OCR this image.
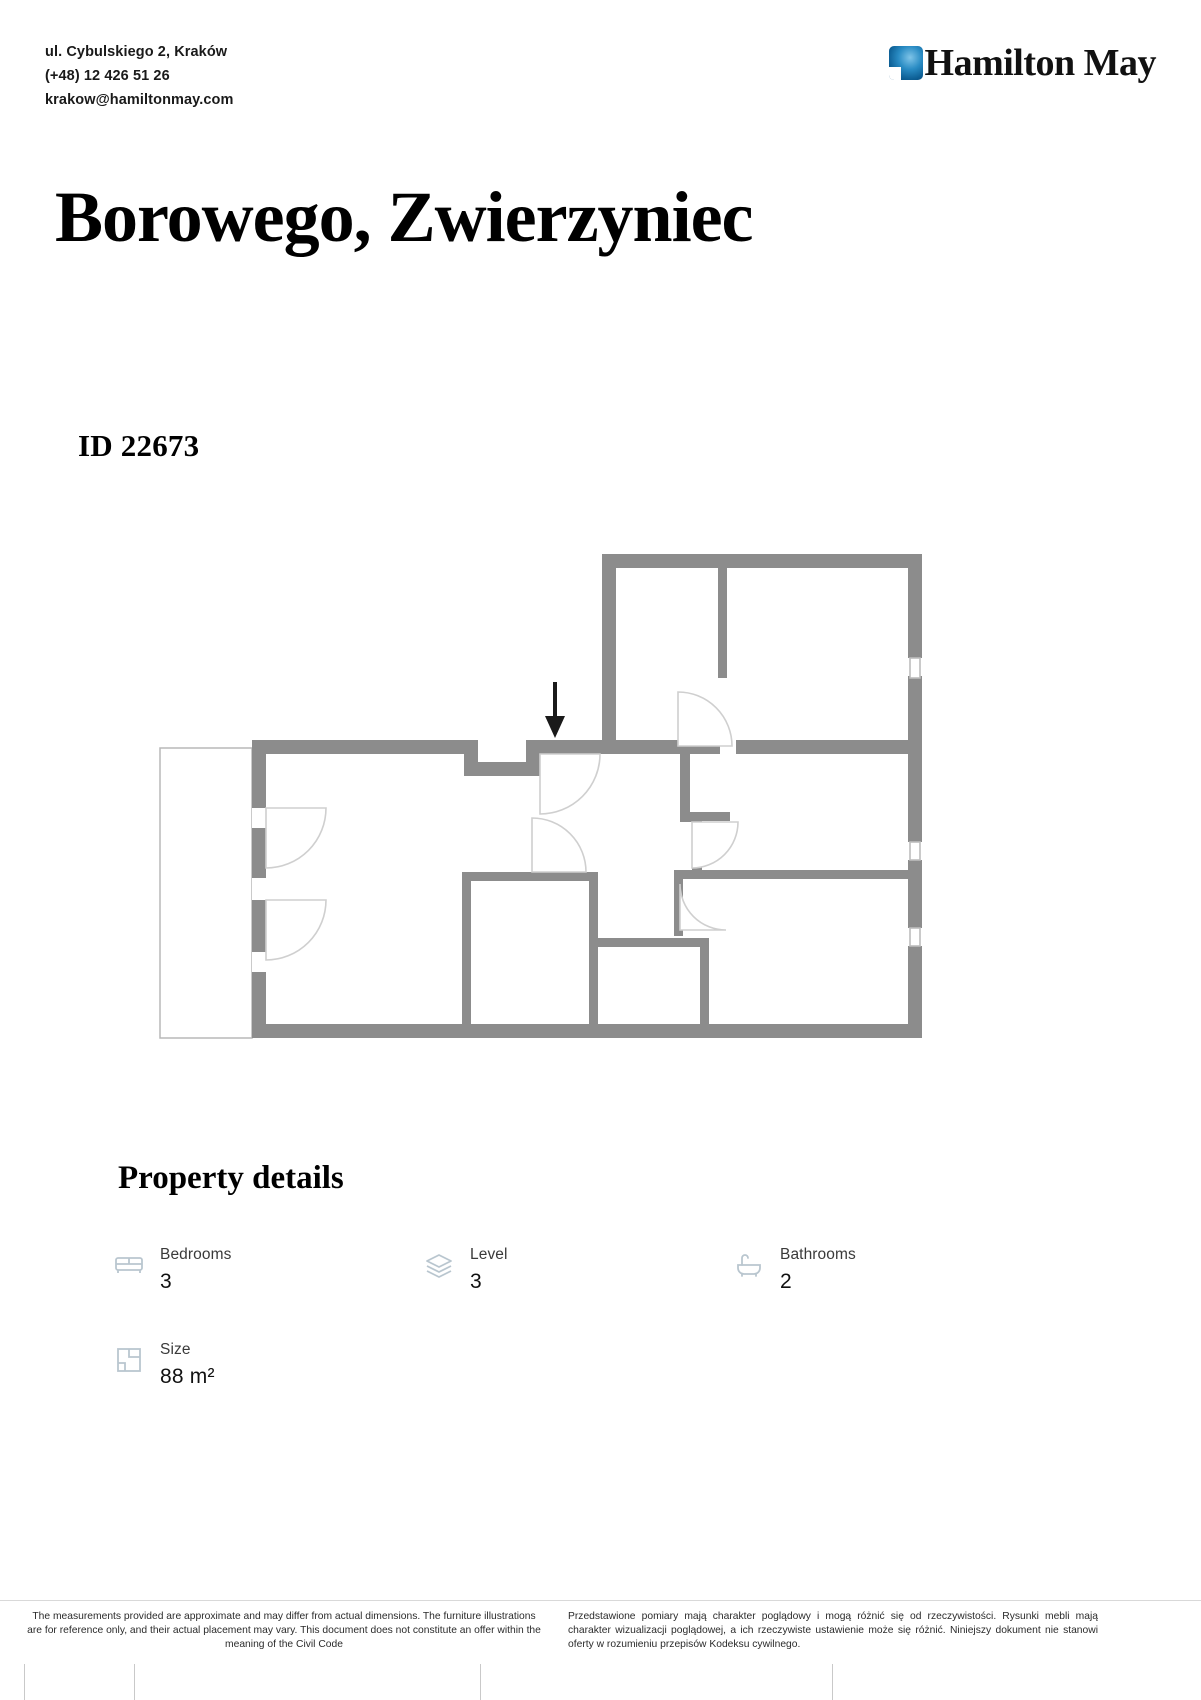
ul. Cybulskiego 2, Kraków
(+48) 12 426 51 26
krakow@hamiltonmay.com
Hamilton May
Borowego, Zwierzyniec
ID 22673
Property details
Bedrooms
3
Level
3
Bathrooms
2
Size
88 m²
The measurements provided are approximate and may differ from actual dimensions. The furniture illustrations are for reference only, and their actual placement may vary. This document does not constitute an offer within the meaning of the Civil Code
Przedstawione pomiary mają charakter poglądowy i mogą różnić się od rzeczywistości. Rysunki mebli mają charakter wizualizacji poglądowej, a ich rzeczywiste ustawienie może się różnić. Niniejszy dokument nie stanowi oferty w rozumieniu przepisów Kodeksu cywilnego.
